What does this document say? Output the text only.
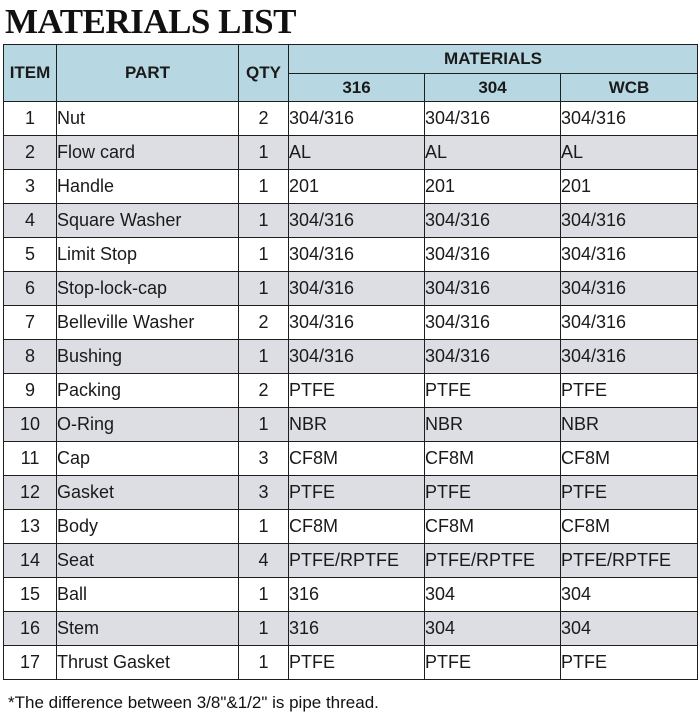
MATERIALS LIST
ITEM	PART	QTY	MATERIALS		
			316	304	WCB
1	Nut	2	304/316	304/316	304/316
2	Flow card	1	AL	AL	AL
3	Handle	1	201	201	201
4	Square Washer	1	304/316	304/316	304/316
5	Limit Stop	1	304/316	304/316	304/316
6	Stop-lock-cap	1	304/316	304/316	304/316
7	Belleville Washer	2	304/316	304/316	304/316
8	Bushing	1	304/316	304/316	304/316
9	Packing	2	PTFE	PTFE	PTFE
10	O-Ring	1	NBR	NBR	NBR
11	Cap	3	CF8M	CF8M	CF8M
12	Gasket	3	PTFE	PTFE	PTFE
13	Body	1	CF8M	CF8M	CF8M
14	Seat	4	PTFE/RPTFE	PTFE/RPTFE	PTFE/RPTFE
15	Ball	1	316	304	304
16	Stem	1	316	304	304
17	Thrust Gasket	1	PTFE	PTFE	PTFE

*The difference between 3/8"&1/2" is pipe thread.
